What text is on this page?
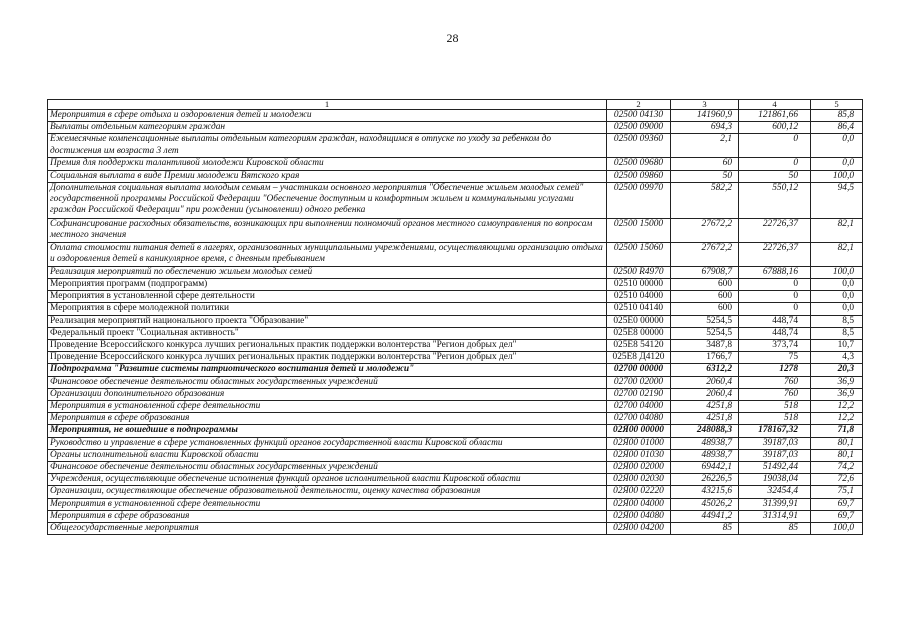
28
1	2	3	4	5
Мероприятия в сфере отдыха и оздоровления детей и молодежи	02500 04130	141960,9	121861,66	85,8
Выплаты отдельным категориям граждан	02500 09000	694,3	600,12	86,4
Ежемесячные компенсационные выплаты отдельным категориям граждан, находящимся в отпуске по уходу за ребенком до достижения им возраста 3 лет	02500 09360	2,1	0	0,0
Премия для поддержки талантливой молодежи Кировской области	02500 09680	60	0	0,0
Социальная выплата в виде Премии молодежи Вятского края	02500 09860	50	50	100,0
Дополнительная социальная выплата молодым семьям – участникам основного мероприятия "Обеспечение жильем молодых семей" государственной программы Российской Федерации "Обеспечение доступным и комфортным жильем и коммунальными услугами граждан Российской Федерации" при рождении (усыновлении) одного ребенка	02500 09970	582,2	550,12	94,5
Софинансирование расходных обязательств, возникающих при выполнении полномочий органов местного самоуправления по вопросам местного значения	02500 15000	27672,2	22726,37	82,1
Оплата стоимости питания детей в лагерях, организованных муниципальными учреждениями, осуществляющими организацию отдыха и оздоровления детей в каникулярное время, с дневным пребыванием	02500 15060	27672,2	22726,37	82,1
Реализация мероприятий по обеспечению жильем молодых семей	02500 R4970	67908,7	67888,16	100,0
Мероприятия программ (подпрограмм)	02510 00000	600	0	0,0
Мероприятия в установленной сфере деятельности	02510 04000	600	0	0,0
Мероприятия в сфере молодежной политики	02510 04140	600	0	0,0
Реализация мероприятий национального проекта "Образование"	025Е0 00000	5254,5	448,74	8,5
Федеральный проект "Социальная активность"	025Е8 00000	5254,5	448,74	8,5
Проведение Всероссийского конкурса лучших региональных практик поддержки волонтерства "Регион добрых дел"	025Е8 54120	3487,8	373,74	10,7
Проведение Всероссийского конкурса лучших региональных практик поддержки волонтерства "Регион добрых дел"	025Е8 Д4120	1766,7	75	4,3
Подпрограмма "Развитие системы патриотического воспитания детей и молодежи"	02700 00000	6312,2	1278	20,3
Финансовое обеспечение деятельности областных государственных учреждений	02700 02000	2060,4	760	36,9
Организации дополнительного образования	02700 02190	2060,4	760	36,9
Мероприятия в установленной сфере деятельности	02700 04000	4251,8	518	12,2
Мероприятия в сфере образования	02700 04080	4251,8	518	12,2
Мероприятия, не вошедшие в подпрограммы	02Я00 00000	248088,3	178167,32	71,8
Руководство и управление в сфере установленных функций органов государственной власти Кировской области	02Я00 01000	48938,7	39187,03	80,1
Органы исполнительной власти Кировской области	02Я00 01030	48938,7	39187,03	80,1
Финансовое обеспечение деятельности областных государственных учреждений	02Я00 02000	69442,1	51492,44	74,2
Учреждения, осуществляющие обеспечение исполнения функций органов исполнительной власти Кировской области	02Я00 02030	26226,5	19038,04	72,6
Организации, осуществляющие обеспечение образовательной деятельности, оценку качества образования	02Я00 02220	43215,6	32454,4	75,1
Мероприятия в установленной сфере деятельности	02Я00 04000	45026,2	31399,91	69,7
Мероприятия в сфере образования	02Я00 04080	44941,2	31314,91	69,7
Общегосударственные мероприятия	02Я00 04200	85	85	100,0
